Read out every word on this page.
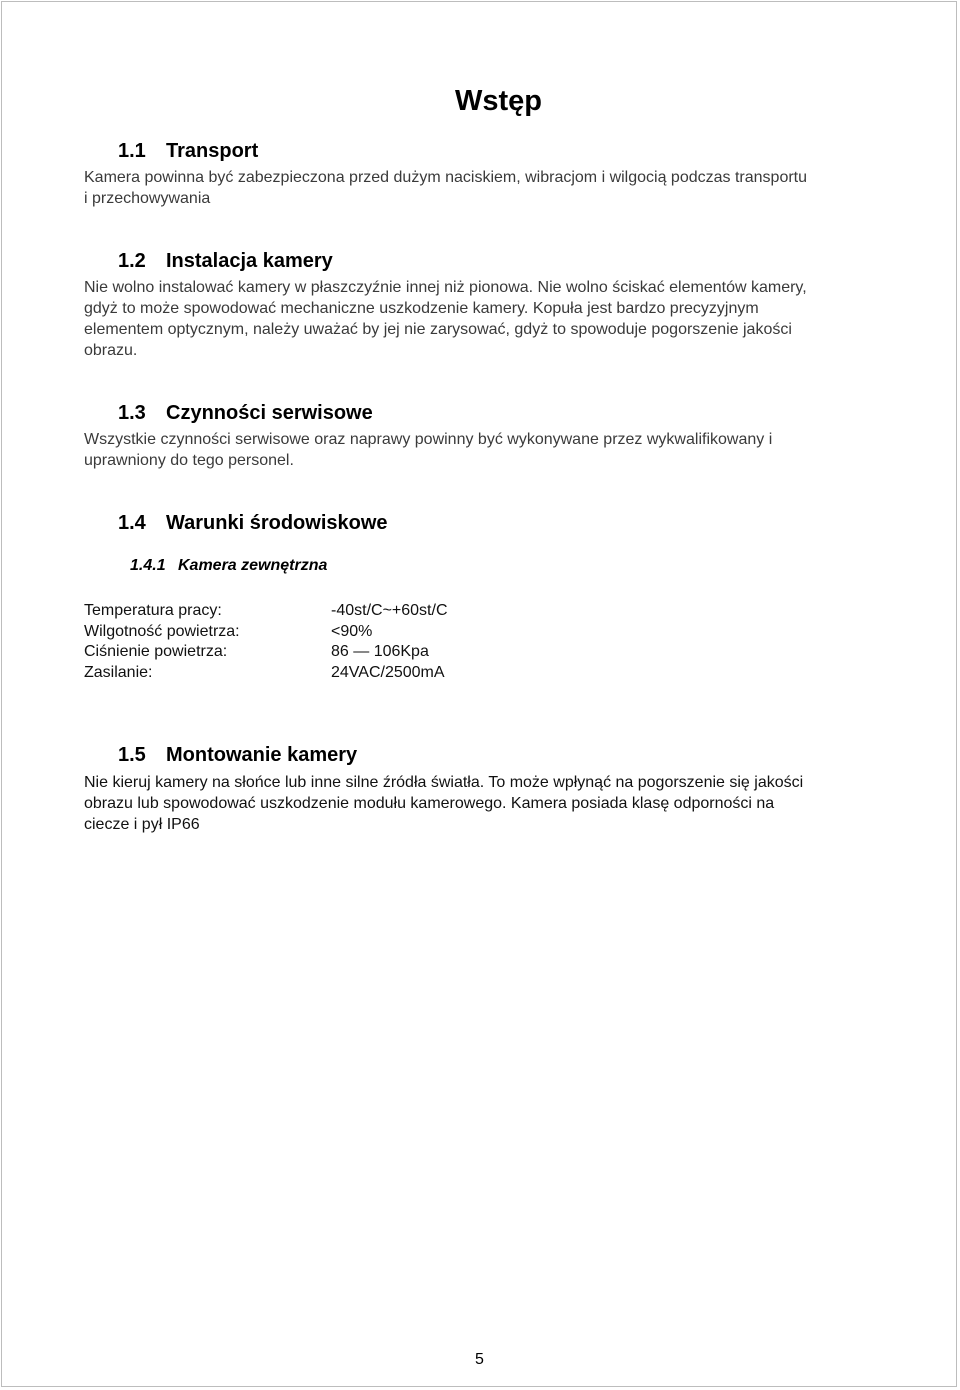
Wstęp
1.1 Transport
Kamera powinna być zabezpieczona przed dużym naciskiem, wibracjom i wilgocią podczas transportu
i przechowywania
1.2 Instalacja kamery
Nie wolno instalować kamery w płaszczyźnie innej niż pionowa. Nie wolno ściskać elementów kamery,
gdyż to może spowodować mechaniczne uszkodzenie kamery. Kopuła jest bardzo precyzyjnym
elementem optycznym, należy uważać by jej nie zarysować, gdyż to spowoduje pogorszenie jakości
obrazu.
1.3 Czynności serwisowe
Wszystkie czynności serwisowe oraz naprawy powinny być wykonywane przez wykwalifikowany i
uprawniony do tego personel.
1.4 Warunki środowiskowe
1.4.1 Kamera zewnętrzna
Temperatura pracy:	-40st/C~+60st/C
Wilgotność powietrza:	<90%
Ciśnienie powietrza:	86 — 106Kpa
Zasilanie:	24VAC/2500mA
1.5 Montowanie kamery
Nie kieruj kamery na słońce lub inne silne źródła światła. To może wpłynąć na pogorszenie się jakości
obrazu lub spowodować uszkodzenie modułu kamerowego. Kamera posiada klasę odporności na
ciecze i pył IP66
5
